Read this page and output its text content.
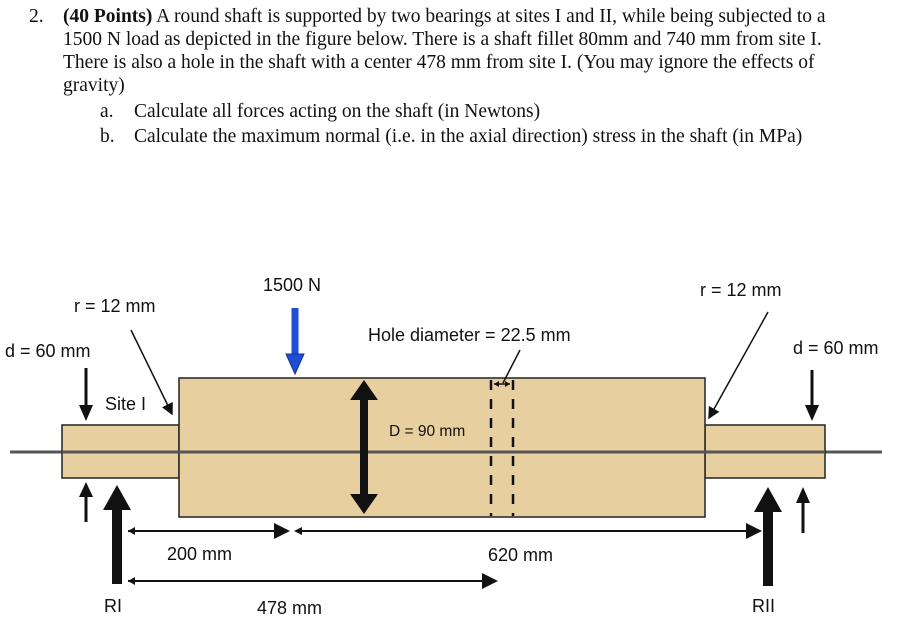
2. (40 Points) A round shaft is supported by two bearings at sites I and II, while being subjected to a
1500 N load as depicted in the figure below. There is a shaft fillet 80mm and 740 mm from site I.
There is also a hole in the shaft with a center 478 mm from site I. (You may ignore the effects of
gravity)
a. Calculate all forces acting on the shaft (in Newtons)
b. Calculate the maximum normal (i.e. in the axial direction) stress in the shaft (in MPa)
1500 N
r = 12 mm
r = 12 mm
d = 60 mm	d = 60 mm
Hole diameter = 22.5 mm
D = 90 mm
Site I
200 mm	620 mm
478 mm
RI	RII
